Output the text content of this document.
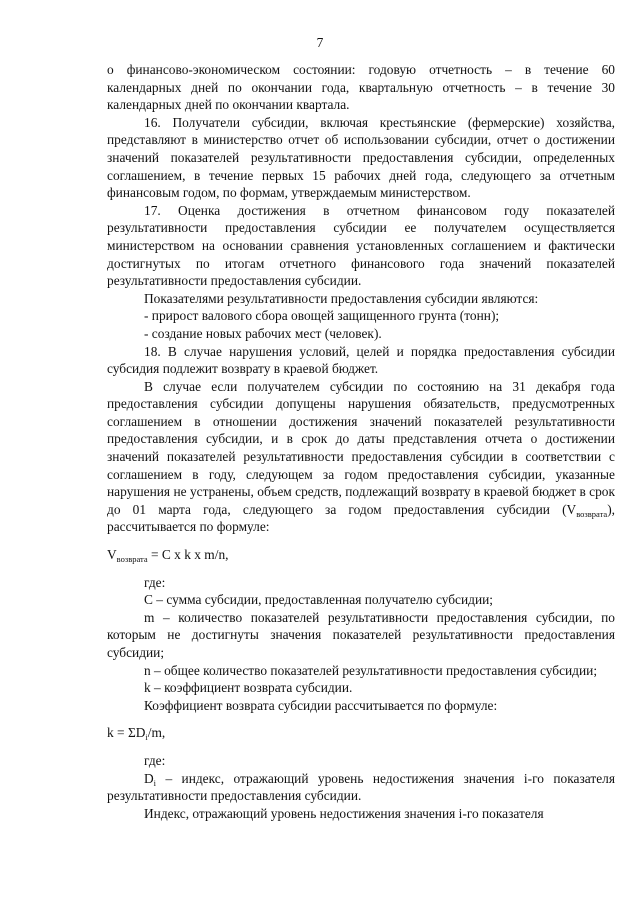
7

о финансово-экономическом состоянии: годовую отчетность – в течение 60 календарных дней по окончании года, квартальную отчетность – в течение 30 календарных дней по окончании квартала.

16. Получатели субсидии, включая крестьянские (фермерские) хозяйства, представляют в министерство отчет об использовании субсидии, отчет о достижении значений показателей результативности предоставления субсидии, определенных соглашением, в течение первых 15 рабочих дней года, следующего за отчетным финансовым годом, по формам, утверждаемым министерством.

17. Оценка достижения в отчетном финансовом году показателей результативности предоставления субсидии ее получателем осуществляется министерством на основании сравнения установленных соглашением и фактически достигнутых по итогам отчетного финансового года значений показателей результативности предоставления субсидии.

Показателями результативности предоставления субсидии являются:

- прирост валового сбора овощей защищенного грунта (тонн);

- создание новых рабочих мест (человек).

18. В случае нарушения условий, целей и порядка предоставления субсидии субсидия подлежит возврату в краевой бюджет.

В случае если получателем субсидии по состоянию на 31 декабря года предоставления субсидии допущены нарушения обязательств, предусмотренных соглашением в отношении достижения значений показателей результативности предоставления субсидии, и в срок до даты представления отчета о достижении значений показателей результативности предоставления субсидии в соответствии с соглашением в году, следующем за годом предоставления субсидии, указанные нарушения не устранены, объем средств, подлежащий возврату в краевой бюджет в срок до 01 марта года, следующего за годом предоставления субсидии $(V_{возврата})$, рассчитывается по формуле:

$V_{возврата} = C$ x k x m/n,

где:

С – сумма субсидии, предоставленная получателю субсидии;

m – количество показателей результативности предоставления субсидии, по которым не достигнуты значения показателей результативности предоставления субсидии;

n – общее количество показателей результативности предоставления субсидии;

k – коэффициент возврата субсидии.

Коэффициент возврата субсидии рассчитывается по формуле:

$k = \Sigma D_i/m$,

где:

$D_i$ – индекс, отражающий уровень недостижения значения i-го показателя результативности предоставления субсидии.

Индекс, отражающий уровень недостижения значения i-го показателя
